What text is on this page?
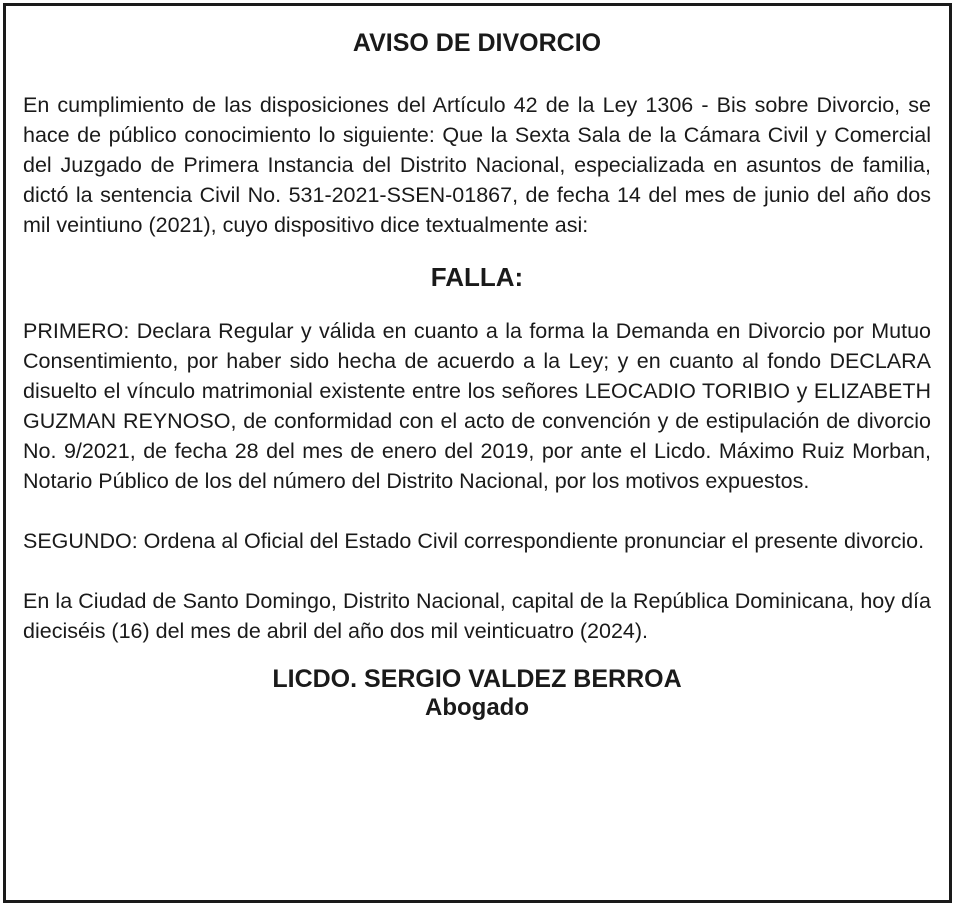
AVISO DE DIVORCIO

En cumplimiento de las disposiciones del Artículo 42 de la Ley 1306 - Bis sobre Divorcio, se hace de público conocimiento lo siguiente: Que la Sexta Sala de la Cámara Civil y Comercial del Juzgado de Primera Instancia del Distrito Nacional, especializada en asuntos de familia, dictó la sentencia Civil No. 531-2021-SSEN-01867, de fecha 14 del mes de junio del año dos mil veintiuno (2021), cuyo dispositivo dice textualmente asi:

FALLA:

PRIMERO: Declara Regular y válida en cuanto a la forma la Demanda en Divorcio por Mutuo Consentimiento, por haber sido hecha de acuerdo a la Ley; y en cuanto al fondo DECLARA disuelto el vínculo matrimonial existente entre los señores LEOCADIO TORIBIO y ELIZABETH GUZMAN REYNOSO, de conformidad con el acto de convención y de estipulación de divorcio No. 9/2021, de fecha 28 del mes de enero del 2019, por ante el Licdo. Máximo Ruiz Morban, Notario Público de los del número del Distrito Nacional, por los motivos expuestos.

SEGUNDO: Ordena al Oficial del Estado Civil correspondiente pronunciar el presente divorcio.

En la Ciudad de Santo Domingo, Distrito Nacional, capital de la República Dominicana, hoy día dieciséis (16) del mes de abril del año dos mil veinticuatro (2024).

LICDO. SERGIO VALDEZ BERROA
Abogado
